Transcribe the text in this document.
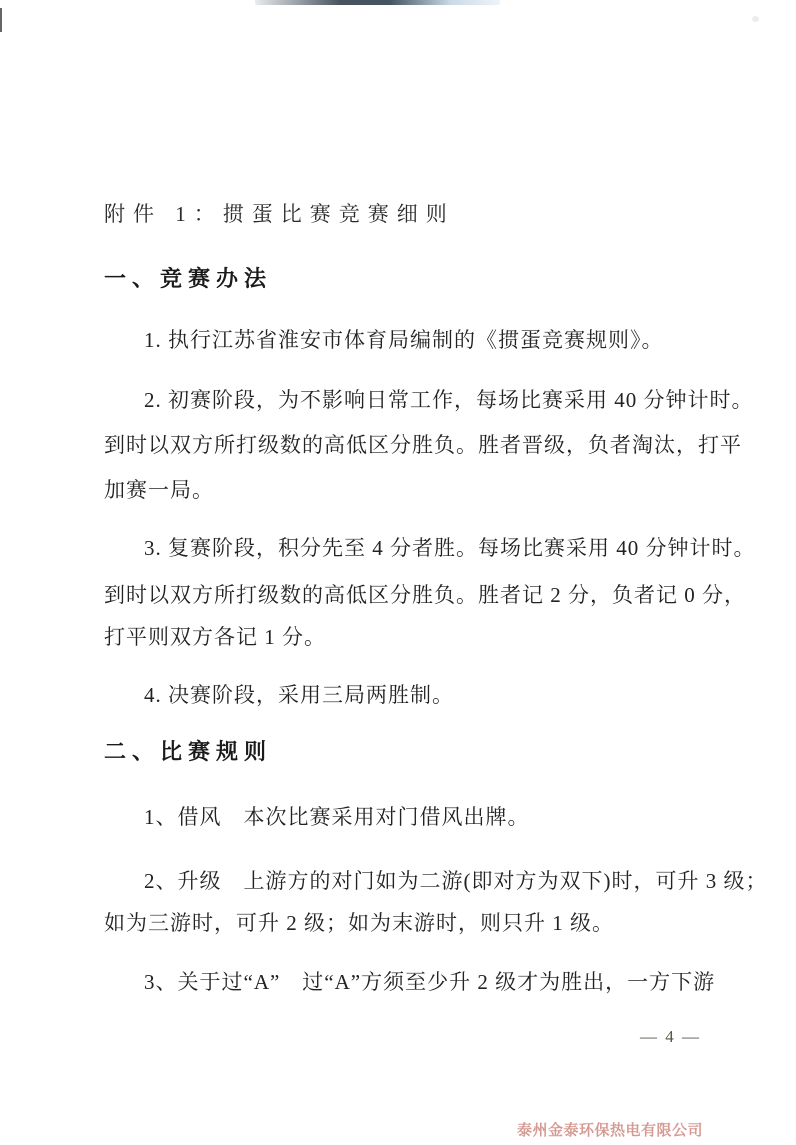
附件 1：掼蛋比赛竞赛细则
一、竞赛办法
1. 执行江苏省淮安市体育局编制的《掼蛋竞赛规则》。
2. 初赛阶段，为不影响日常工作，每场比赛采用 40 分钟计时。
到时以双方所打级数的高低区分胜负。胜者晋级，负者淘汰，打平
加赛一局。
3. 复赛阶段，积分先至 4 分者胜。每场比赛采用 40 分钟计时。
到时以双方所打级数的高低区分胜负。胜者记 2 分，负者记 0 分，
打平则双方各记 1 分。
4. 决赛阶段，采用三局两胜制。
二、比赛规则
1、借风　本次比赛采用对门借风出牌。
2、升级　上游方的对门如为二游(即对方为双下)时，可升 3 级；
如为三游时，可升 2 级；如为末游时，则只升 1 级。
3、关于过“A”　过“A”方须至少升 2 级才为胜出，一方下游
— 4 —
泰州金泰环保热电有限公司
